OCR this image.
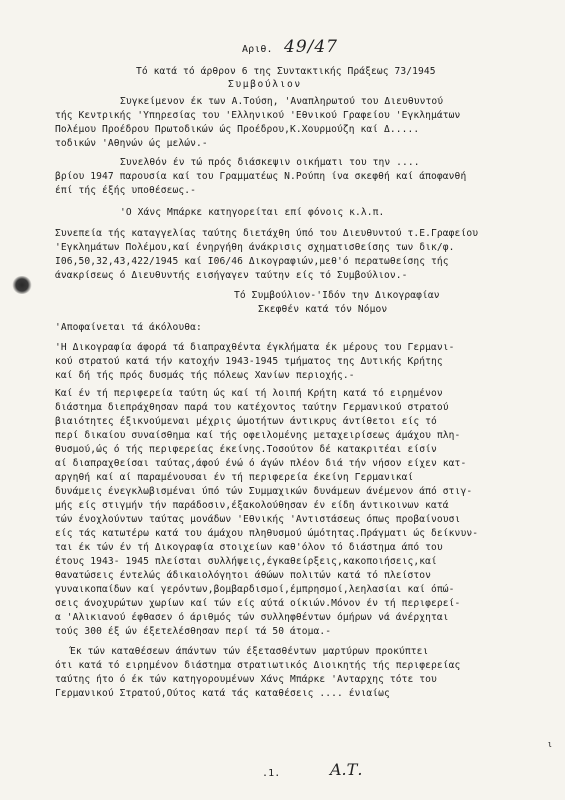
Αριθ. 49/47
Τό κατά τό άρθρον 6 της Συντακτικής Πράξεως 73/1945
Συμβούλιον
Συγκείμενον έκ των Α.Τούση, 'Αναπληρωτού του Διευθυντού
τής Κεντρικής 'Υπηρεσίας του 'Ελληνικού 'Εθνικού Γραφείου 'Εγκλημάτων
Πολέμου Προέδρου Πρωτοδικών ώς Προέδρου,Κ.Χουρμούζη καί Δ.....
τοδικών 'Αθηνών ώς μελών.-
Συνελθόν έν τώ πρός διάσκεψιν οικήματι του την ....
βρίου 1947 παρουσία καί του Γραμματέως Ν.Ρούπη ίνα σκεφθή καί άποφανθή
έπί τής έξής υποθέσεως.-
'Ο Χάνς Μπάρκε κατηγορείται επί φόνοις κ.λ.π.
Συνεπεία τής καταγγελίας ταύτης διετάχθη ύπό του Διευθυντού τ.Ε.Γραφείου
'Εγκλημάτων Πολέμου,καί ένηργήθη άνάκρισις σχηματισθείσης των δικ/φ.
Ι06,50,32,43,422/1945 καί Ι06/46 Δικογραφιών,μεθ'ό περατωθείσης τής
άνακρίσεως ό Διευθυντής εισήγαγεν ταύτην είς τό Συμβούλιον.-
Τό Συμβούλιον-'Ιδόν την Δικογραφίαν
Σκεφθέν κατά τόν Νόμον
'Αποφαίνεται τά άκόλουθα:
'Η Δικογραφία άφορά τά διαπραχθέντα έγκλήματα έκ μέρους του Γερμανι-
κού στρατού κατά τήν κατοχήν 1943-1945 τμήματος της Δυτικής Κρήτης
καί δή τής πρός δυσμάς τής πόλεως Χανίων περιοχής.-
Καί έν τή περιφερεία ταύτη ώς καί τή λοιπή Κρήτη κατά τό ειρημένον
διάστημα διεπράχθησαν παρά του κατέχοντος ταύτην Γερμανικού στρατού
βιαιότητες έξικνούμεναι μέχρις ώμοτήτων άντικρυς άντίθετοι είς τό
περί δικαίου συναίσθημα καί τής οφειλομένης μεταχειρίσεως άμάχου πλη-
θυσμού,ώς ό τής περιφερείας έκείνης.Τοσούτον δέ κατακριτέαι είσίν
αί διαπραχθείσαι ταύτας,άφού ένώ ό άγών πλέον διά τήν νήσον είχεν κατ-
αργηθή καί αί παραμένουσαι έν τή περιφερεία έκείνη Γερμανικαί
δυνάμεις ένεγκλωβισμέναι ύπό τών Συμμαχικών δυνάμεων άνέμενον άπό στιγ-
μής είς στιγμήν τήν παράδοσιν,έξακολούθησαν έν είδη άντικοινων κατά
τών ένοχλούντων ταύτας μονάδων 'Εθνικής 'Αντιστάσεως όπως προβαίνουσι
είς τάς κατωτέρω κατά του άμάχου πληθυσμού ώμότητας.Πράγματι ώς δείκνυν-
ται έκ τών έν τή Δικογραφία στοιχείων καθ'όλον τό διάστημα άπό του
έτους 1943- 1945 πλείσται συλλήψεις,έγκαθείρξεις,κακοποιήσεις,καί
θανατώσεις έντελώς άδικαιολόγητοι άθώων πολιτών κατά τό πλείστον
γυναικοπαίδων καί γερόντων,βομβαρδισμοί,έμπρησμοί,λεηλασίαι καί όπώ-
σεις άνοχυρώτων χωρίων καί τών είς αύτά οίκιών.Μόνον έν τή περιφερεί-
α 'Αλικιανού έφθασεν ό άριθμός τών συλληφθέντων όμήρων νά άνέρχηται
τούς 300 έξ ών έξετελέσθησαν περί τά 50 άτομα.-
Έκ τών καταθέσεων άπάντων τών έξετασθέντων μαρτύρων προκύπτει
ότι κατά τό ειρημένον διάστημα στρατιωτικός Διοικητής τής περιφερείας
ταύτης ήτο ό έκ τών κατηγορουμένων Χάνς Μπάρκε 'Ανταρχης τότε του
Γερμανικού Στρατού,Ούτος κατά τάς καταθέσεις .... ένιαίως
.1.	Α.Τ.
ι
